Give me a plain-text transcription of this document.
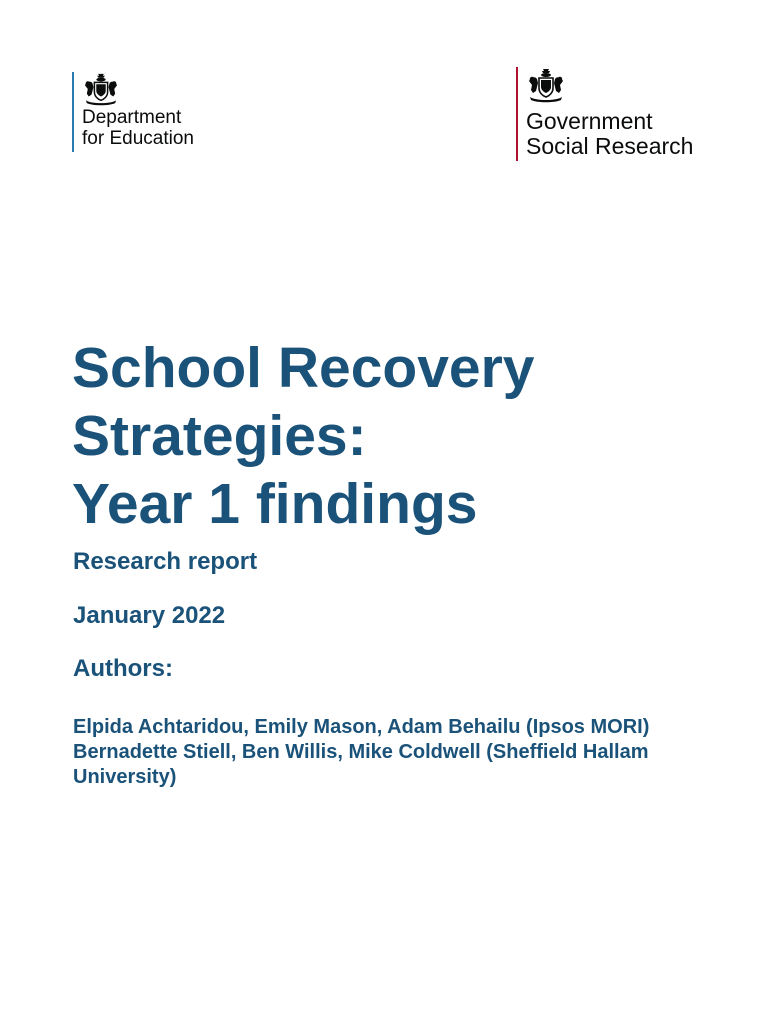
Department
for Education
Government
Social Research
School Recovery
Strategies:
Year 1 findings

Research report

January 2022

Authors:

Elpida Achtaridou, Emily Mason, Adam Behailu (Ipsos MORI)
Bernadette Stiell, Ben Willis, Mike Coldwell (Sheffield Hallam University)
